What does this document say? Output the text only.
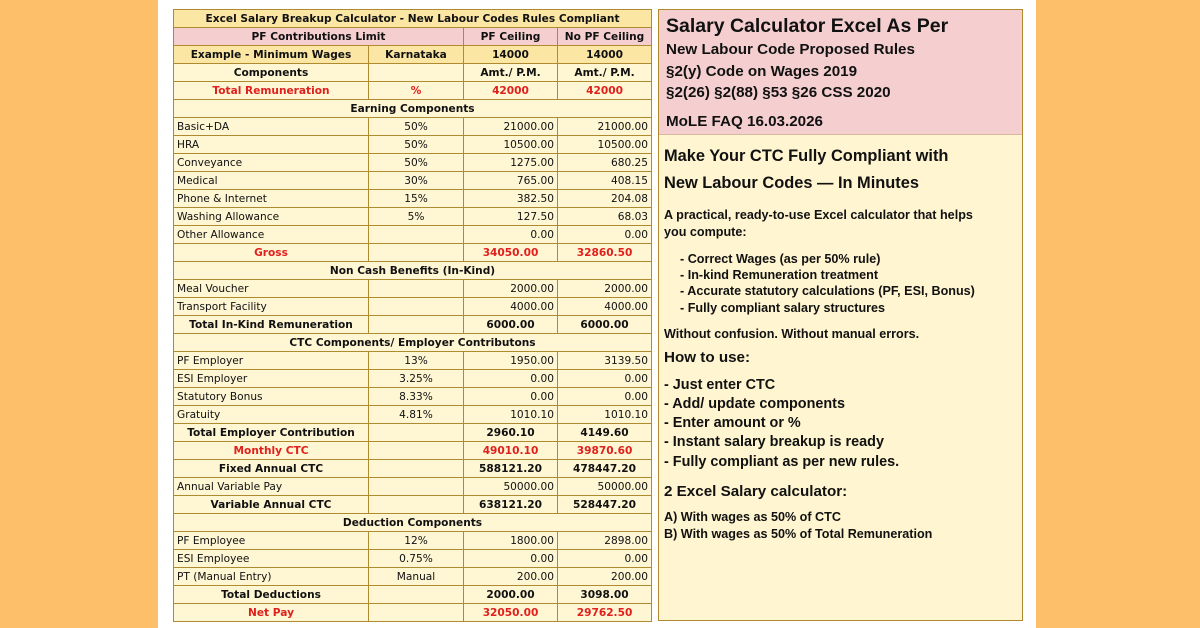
Excel Salary Breakup Calculator - New Labour Codes Rules Compliant			
PF Contributions Limit		PF Ceiling	No PF Ceiling
Example - Minimum Wages	Karnataka	14000	14000
Components		Amt./ P.M.	Amt./ P.M.
Total Remuneration	%	42000	42000
Earning Components			
Basic+DA	50%	21000.00	21000.00
HRA	50%	10500.00	10500.00
Conveyance	50%	1275.00	680.25
Medical	30%	765.00	408.15
Phone & Internet	15%	382.50	204.08
Washing Allowance	5%	127.50	68.03
Other Allowance		0.00	0.00
Gross		34050.00	32860.50
Non Cash Benefits (In-Kind)			
Meal Voucher		2000.00	2000.00
Transport Facility		4000.00	4000.00
Total In-Kind Remuneration		6000.00	6000.00
CTC Components/ Employer Contributons			
PF Employer	13%	1950.00	3139.50
ESI Employer	3.25%	0.00	0.00
Statutory Bonus	8.33%	0.00	0.00
Gratuity	4.81%	1010.10	1010.10
Total Employer Contribution		2960.10	4149.60
Monthly CTC		49010.10	39870.60
Fixed Annual CTC		588121.20	478447.20
Annual Variable Pay		50000.00	50000.00
Variable Annual CTC		638121.20	528447.20
Deduction Components			
PF Employee	12%	1800.00	2898.00
ESI Employee	0.75%	0.00	0.00
PT (Manual Entry)	Manual	200.00	200.00
Total Deductions		2000.00	3098.00
Net Pay		32050.00	29762.50
Salary Calculator Excel As Per
New Labour Code Proposed Rules
§2(y) Code on Wages 2019
§2(26) §2(88) §53 §26 CSS 2020
MoLE FAQ 16.03.2026
Make Your CTC Fully Compliant with
New Labour Codes — In Minutes
A practical, ready-to-use Excel calculator that helps
you compute:
- Correct Wages (as per 50% rule)
- In-kind Remuneration treatment
- Accurate statutory calculations (PF, ESI, Bonus)
- Fully compliant salary structures
Without confusion. Without manual errors.
How to use:
- Just enter CTC
- Add/ update components
- Enter amount or %
- Instant salary breakup is ready
- Fully compliant as per new rules.
2 Excel Salary calculator:
A) With wages as 50% of CTC
B) With wages as 50% of Total Remuneration
